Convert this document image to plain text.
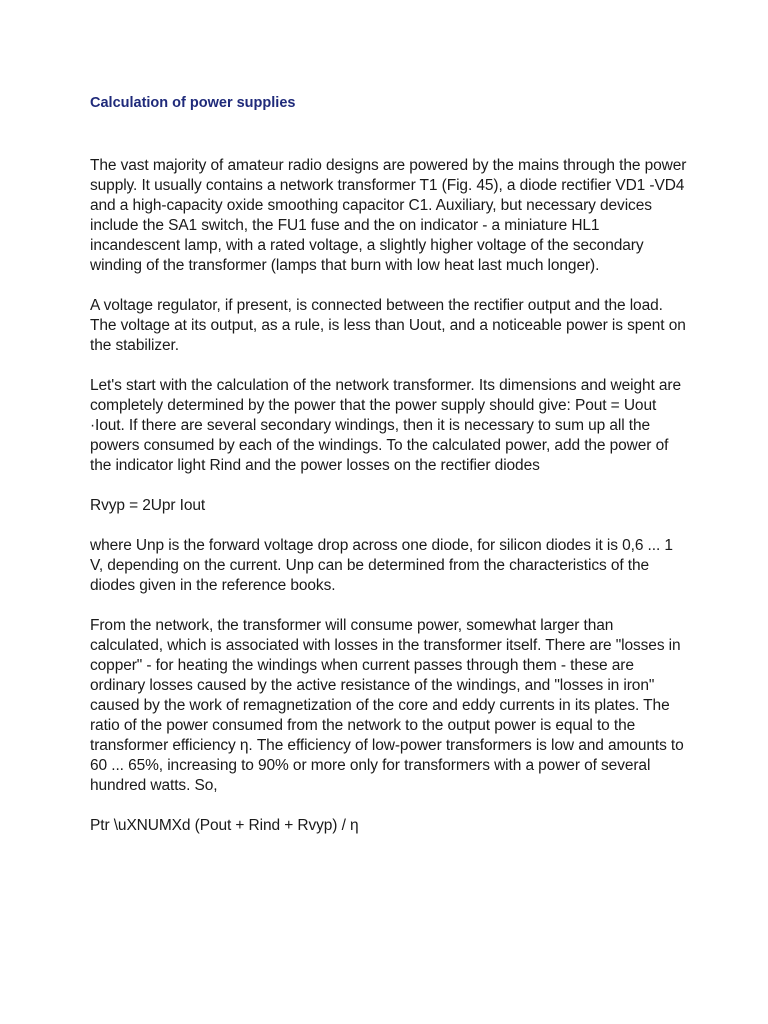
Calculation of power supplies

The vast majority of amateur radio designs are powered by the mains through the power supply. It usually contains a network transformer T1 (Fig. 45), a diode rectifier VD1 -VD4 and a high-capacity oxide smoothing capacitor C1. Auxiliary, but necessary devices include the SA1 switch, the FU1 fuse and the on indicator - a miniature HL1 incandescent lamp, with a rated voltage, a slightly higher voltage of the secondary winding of the transformer (lamps that burn with low heat last much longer).

A voltage regulator, if present, is connected between the rectifier output and the load. The voltage at its output, as a rule, is less than Uout, and a noticeable power is spent on the stabilizer.

Let's start with the calculation of the network transformer. Its dimensions and weight are completely determined by the power that the power supply should give: Pout = Uout ·Iout. If there are several secondary windings, then it is necessary to sum up all the powers consumed by each of the windings. To the calculated power, add the power of the indicator light Rind and the power losses on the rectifier diodes

Rvyp = 2Upr Iout

where Unp is the forward voltage drop across one diode, for silicon diodes it is 0,6 ... 1 V, depending on the current. Unp can be determined from the characteristics of the diodes given in the reference books.

From the network, the transformer will consume power, somewhat larger than calculated, which is associated with losses in the transformer itself. There are "losses in copper" - for heating the windings when current passes through them - these are ordinary losses caused by the active resistance of the windings, and "losses in iron" caused by the work of remagnetization of the core and eddy currents in its plates. The ratio of the power consumed from the network to the output power is equal to the transformer efficiency η. The efficiency of low-power transformers is low and amounts to 60 ... 65%, increasing to 90% or more only for transformers with a power of several hundred watts. So,

Ptr \uXNUMXd (Pout + Rind + Rvyp) / η
